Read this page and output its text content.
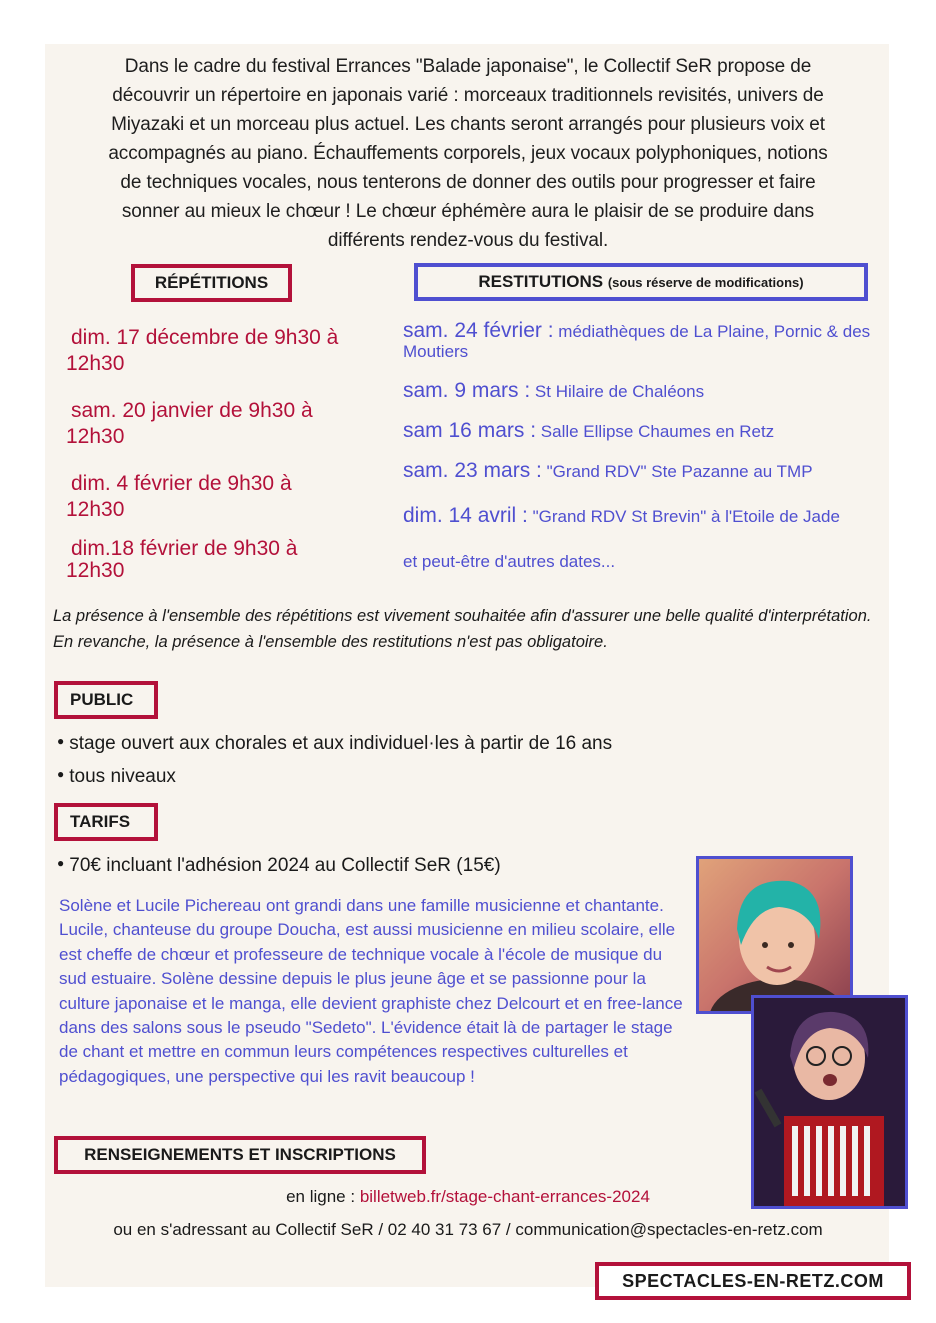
Dans le cadre du festival Errances "Balade japonaise", le Collectif SeR propose de
découvrir un répertoire en japonais varié : morceaux traditionnels revisités, univers de
Miyazaki et un morceau plus actuel. Les chants seront arrangés pour plusieurs voix et
accompagnés au piano. Échauffements corporels, jeux vocaux polyphoniques, notions
de techniques vocales, nous tenterons de donner des outils pour progresser et faire
sonner au mieux le chœur ! Le chœur éphémère aura le plaisir de se produire dans
différents rendez-vous du festival.
RÉPÉTITIONS
dim. 17 décembre de 9h30 à
12h30
sam. 20 janvier de 9h30 à
12h30
dim. 4 février de 9h30 à
12h30
dim.18 février de 9h30 à
12h30
RESTITUTIONS
(sous réserve de modifications)
sam. 24 février : médiathèques de La Plaine, Pornic & des Moutiers
sam. 9 mars : St Hilaire de Chaléons
sam 16 mars : Salle Ellipse Chaumes en Retz
sam. 23 mars : "Grand RDV" Ste Pazanne au TMP
dim. 14 avril : "Grand RDV St Brevin" à l'Etoile de Jade
et peut-être d'autres dates...
La présence à l'ensemble des répétitions est vivement souhaitée afin d'assurer une belle qualité d'interprétation. En revanche, la présence à l'ensemble des restitutions n'est pas obligatoire.
PUBLIC
● stage ouvert aux chorales et aux individuel·les à partir de 16 ans
● tous niveaux
TARIFS
● 70€ incluant l'adhésion 2024 au Collectif SeR (15€)
Solène et Lucile Pichereau ont grandi dans une famille musicienne et chantante. Lucile, chanteuse du groupe Doucha, est aussi musicienne en milieu scolaire, elle est cheffe de chœur et professeure de technique vocale à l'école de musique du sud estuaire. Solène dessine depuis le plus jeune âge et se passionne pour la culture japonaise et le manga, elle devient graphiste chez Delcourt et en free-lance dans des salons sous le pseudo "Sedeto". L'évidence était là de partager le stage de chant et mettre en commun leurs compétences respectives culturelles et pédagogiques, une perspective qui les ravit beaucoup !
RENSEIGNEMENTS ET INSCRIPTIONS
en ligne : billetweb.fr/stage-chant-errances-2024
ou en s'adressant au Collectif SeR / 02 40 31 73 67 / communication@spectacles-en-retz.com
SPECTACLES-EN-RETZ.COM
